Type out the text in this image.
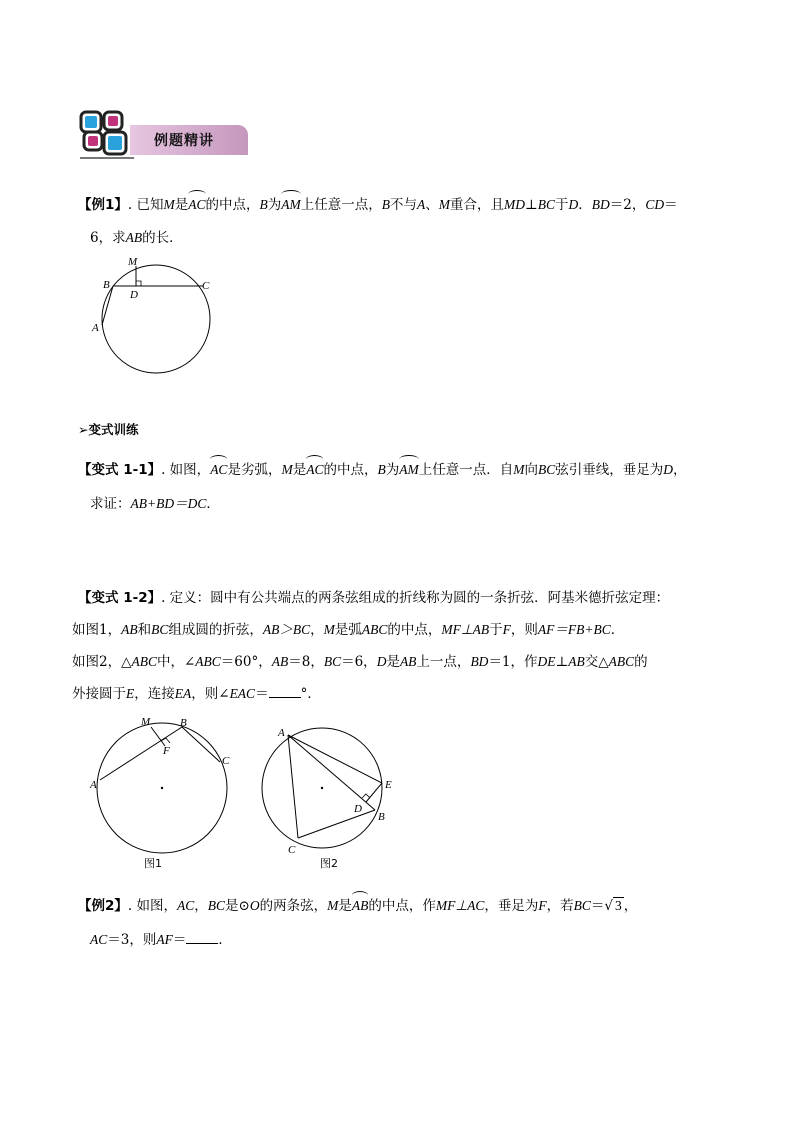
例题精讲
【例1】. 已知M是AC的中点，B为AM上任意一点，B不与A、M重合，且MD⊥BC于D．BD＝2，CD＝
6，求AB的长．
M
B
D
C
A
➢变式训练
【变式 1-1】. 如图，AC是劣弧，M是AC的中点，B为AM上任意一点．自M向BC弦引垂线，垂足为D，
求证：AB+BD＝DC．
【变式 1-2】. 定义：圆中有公共端点的两条弦组成的折线称为圆的一条折弦．阿基米德折弦定理：
如图1，AB和BC组成圆的折弦，AB＞BC，M是弧ABC的中点，MF⊥AB于F，则AF＝FB+BC．
如图2，△ABC中，∠ABC＝60°，AB＝8，BC＝6，D是AB上一点，BD＝1，作DE⊥AB交△ABC的
外接圆于E，连接EA，则∠EAC＝ °．
M	B
F
C
A
图1
A
E
D
B
C
图2
【例2】. 如图，AC，BC是⊙O的两条弦，M是AB的中点，作MF⊥AC，垂足为F，若BC＝√ 3 ，
AC＝3，则AF＝ ．
